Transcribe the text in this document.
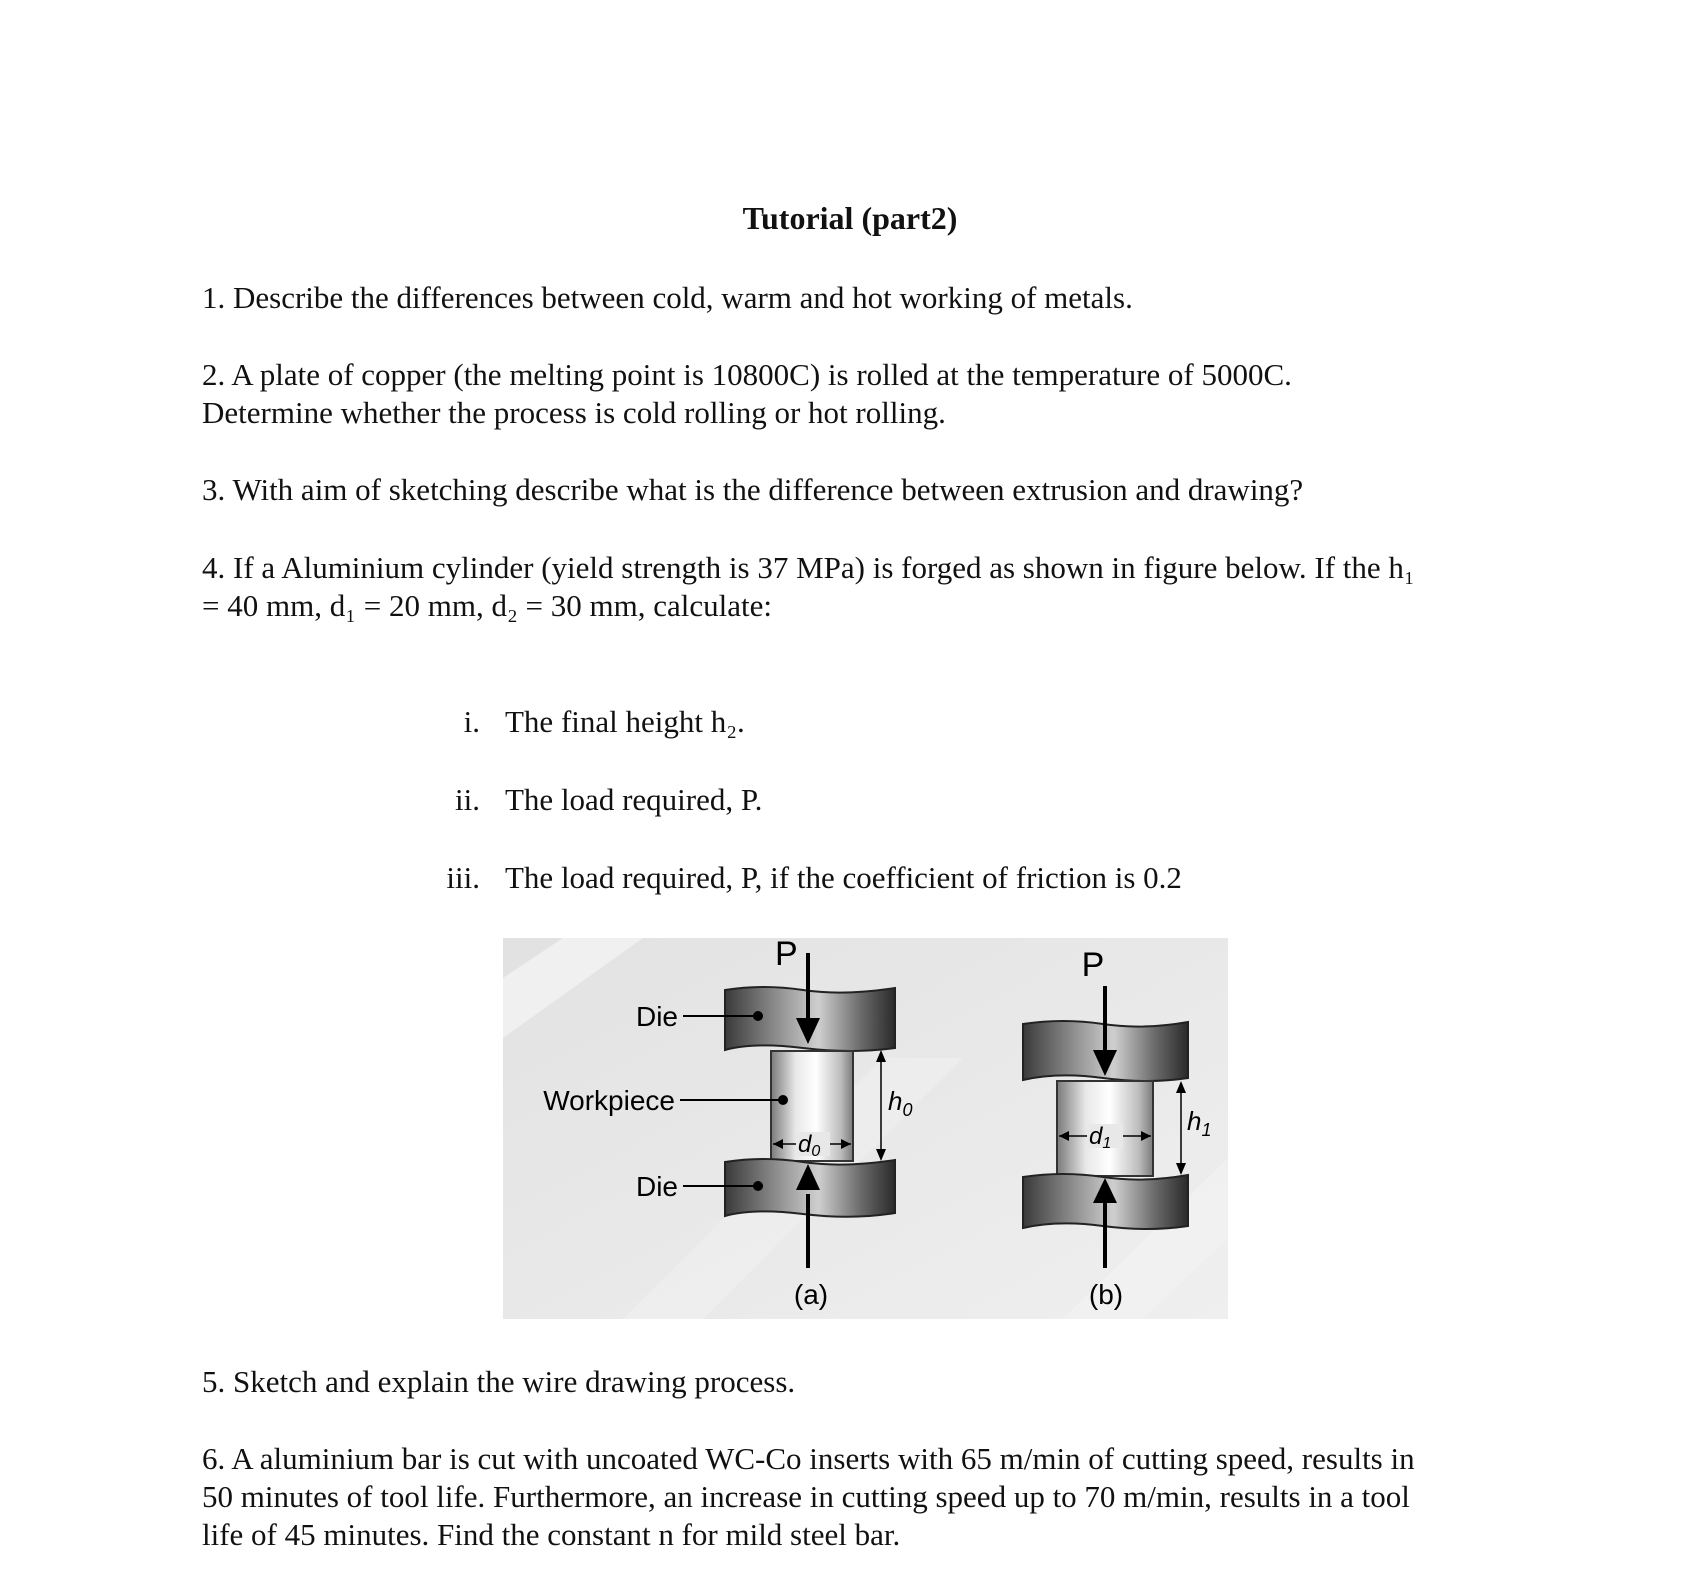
Tutorial (part2)
1. Describe the differences between cold, warm and hot working of metals.
2. A plate of copper (the melting point is 10800C) is rolled at the temperature of 5000C.
Determine whether the process is cold rolling or hot rolling.
3. With aim of sketching describe what is the difference between extrusion and drawing?
4. If a Aluminium cylinder (yield strength is 37 MPa) is forged as shown in figure below. If the h₁
= 40 mm, d₁ = 20 mm, d₂ = 30 mm, calculate:
i. The final height h₂.
ii. The load required, P.
iii. The load required, P, if the coefficient of friction is 0.2
P
Die
Workpiece
Die
$h_0$
d0
(a)
P
$h_1$
d1
(b)
5. Sketch and explain the wire drawing process.
6. A aluminium bar is cut with uncoated WC-Co inserts with 65 m/min of cutting speed, results in
50 minutes of tool life. Furthermore, an increase in cutting speed up to 70 m/min, results in a tool
life of 45 minutes. Find the constant n for mild steel bar.
